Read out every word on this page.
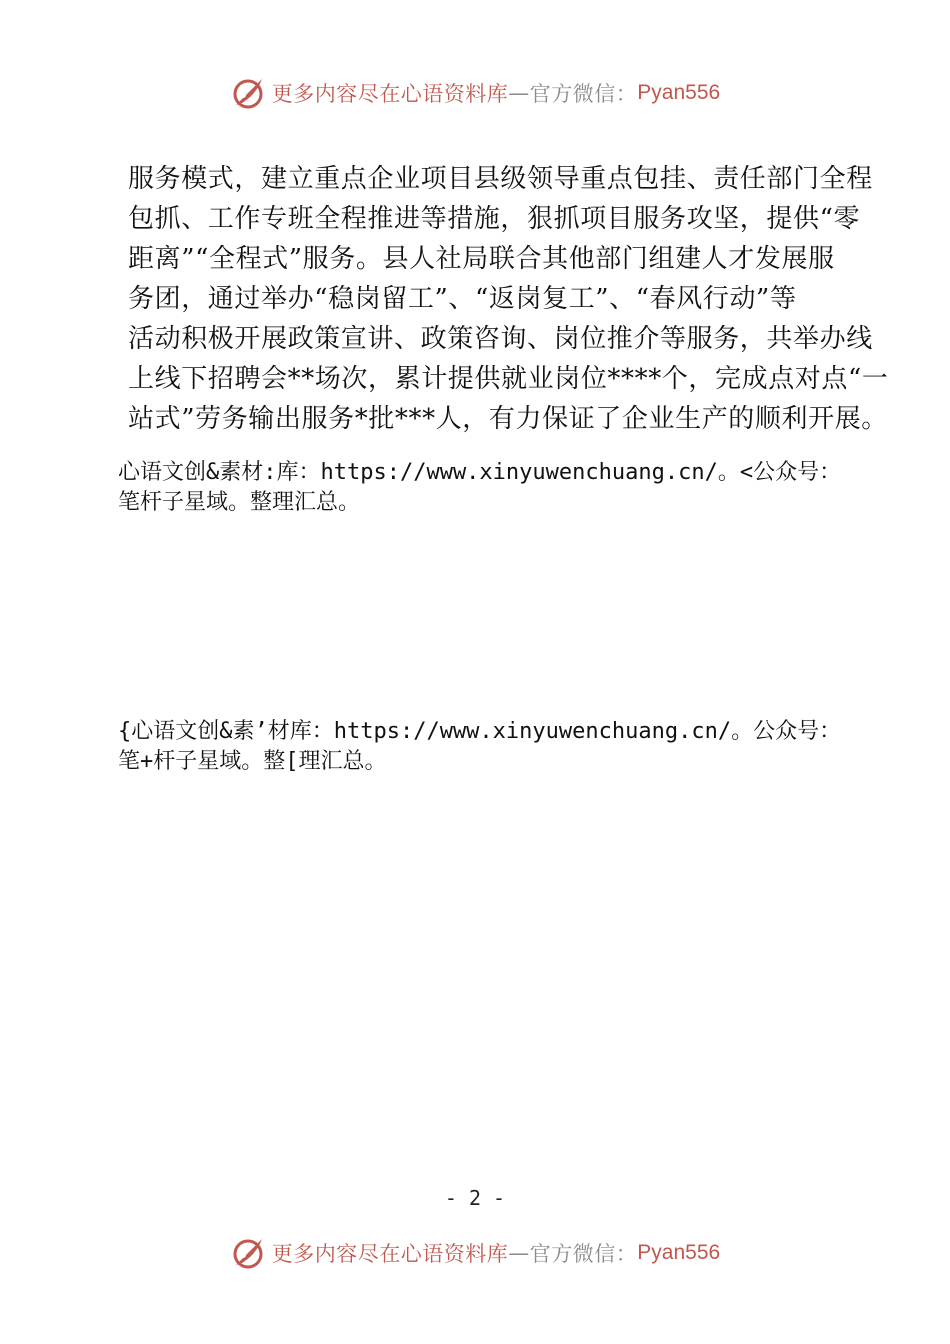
更多内容尽在心语资料库 — 官方微信： Pyan556

服务模式，建立重点企业项目县级领导重点包挂、责任部门全程

包抓、工作专班全程推进等措施，狠抓项目服务攻坚，提供“零

距离”“全程式”服务。县人社局联合其他部门组建人才发展服

务团，通过举办“稳岗留工”、“返岗复工”、“春风行动”等

活动积极开展政策宣讲、政策咨询、岗位推介等服务，共举办线

上线下招聘会**场次，累计提供就业岗位****个，完成点对点“一

站式”劳务输出服务*批***人，有力保证了企业生产的顺利开展。

心语文创&素材:库：https://www.xinyuwenchuang.cn/。<公众号：

笔杆子星域。整理汇总。

{心语文创&素’材库：https://www.xinyuwenchuang.cn/。公众号：

笔+杆子星域。整[理汇总。

- 2 -
更多内容尽在心语资料库 — 官方微信： Pyan556
